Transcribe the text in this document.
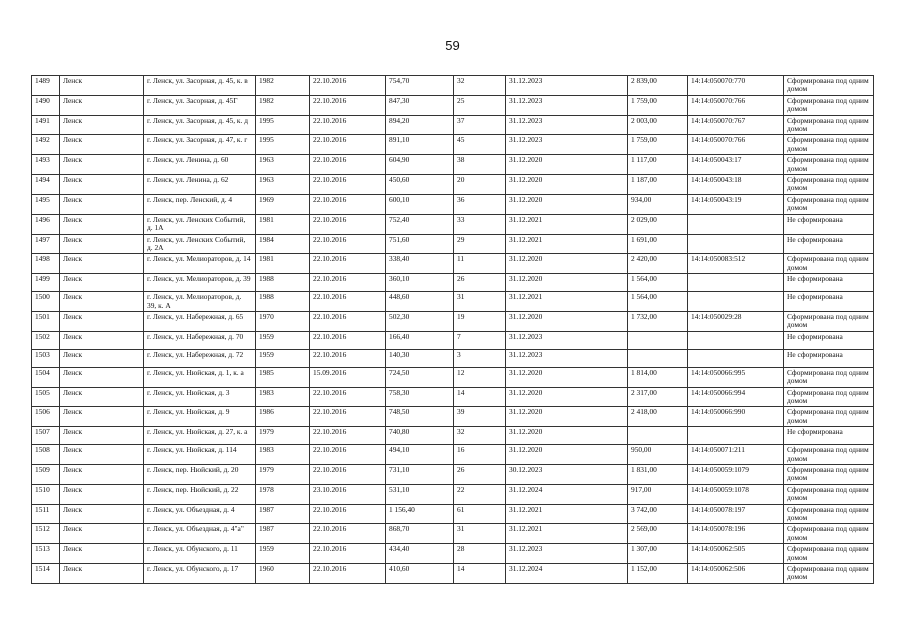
59
1489	Ленск	г. Ленск, ул. Засорная, д. 45, к. в	1982	22.10.2016	754,70	32	31.12.2023	2 839,00	14:14:050070:770	Сформирована под одним домом
1490	Ленск	г. Ленск, ул. Засорная, д. 45Г	1982	22.10.2016	847,30	25	31.12.2023	1 759,00	14:14:050070:766	Сформирована под одним домом
1491	Ленск	г. Ленск, ул. Засорная, д. 45, к. д	1995	22.10.2016	894,20	37	31.12.2023	2 003,00	14:14:050070:767	Сформирована под одним домом
1492	Ленск	г. Ленск, ул. Засорная, д. 47, к. г	1995	22.10.2016	891,10	45	31.12.2023	1 759,00	14:14:050070:766	Сформирована под одним домом
1493	Ленск	г. Ленск, ул. Ленина, д. 60	1963	22.10.2016	604,90	38	31.12.2020	1 117,00	14:14:050043:17	Сформирована под одним домом
1494	Ленск	г. Ленск, ул. Ленина, д. 62	1963	22.10.2016	450,60	20	31.12.2020	1 187,00	14:14:050043:18	Сформирована под одним домом
1495	Ленск	г. Ленск, пер. Ленский, д. 4	1969	22.10.2016	600,10	36	31.12.2020	934,00	14:14:050043:19	Сформирована под одним домом
1496	Ленск	г. Ленск, ул. Ленских Событий, д. 1А	1981	22.10.2016	752,40	33	31.12.2021	2 029,00		Не сформирована
1497	Ленск	г. Ленск, ул. Ленских Событий, д. 2А	1984	22.10.2016	751,60	29	31.12.2021	1 691,00		Не сформирована
1498	Ленск	г. Ленск, ул. Мелиораторов, д. 14	1981	22.10.2016	338,40	11	31.12.2020	2 420,00	14:14:050083:512	Сформирована под одним домом
1499	Ленск	г. Ленск, ул. Мелиораторов, д. 39	1988	22.10.2016	360,10	26	31.12.2020	1 564,00		Не сформирована
1500	Ленск	г. Ленск, ул. Мелиораторов, д. 39, к. А	1988	22.10.2016	448,60	31	31.12.2021	1 564,00		Не сформирована
1501	Ленск	г. Ленск, ул. Набережная, д. 65	1970	22.10.2016	502,30	19	31.12.2020	1 732,00	14:14:050029:28	Сформирована под одним домом
1502	Ленск	г. Ленск, ул. Набережная, д. 70	1959	22.10.2016	166,40	7	31.12.2023			Не сформирована
1503	Ленск	г. Ленск, ул. Набережная, д. 72	1959	22.10.2016	140,30	3	31.12.2023			Не сформирована
1504	Ленск	г. Ленск, ул. Нюйская, д. 1, к. а	1985	15.09.2016	724,50	12	31.12.2020	1 814,00	14:14:050066:995	Сформирована под одним домом
1505	Ленск	г. Ленск, ул. Нюйская, д. 3	1983	22.10.2016	758,30	14	31.12.2020	2 317,00	14:14:050066:994	Сформирована под одним домом
1506	Ленск	г. Ленск, ул. Нюйская, д. 9	1986	22.10.2016	748,50	39	31.12.2020	2 418,00	14:14:050066:990	Сформирована под одним домом
1507	Ленск	г. Ленск, ул. Нюйская, д. 27, к. а	1979	22.10.2016	740,80	32	31.12.2020			Не сформирована
1508	Ленск	г. Ленск, ул. Нюйская, д. 114	1983	22.10.2016	494,10	16	31.12.2020	950,00	14:14:050071:211	Сформирована под одним домом
1509	Ленск	г. Ленск, пер. Нюйский, д. 20	1979	22.10.2016	731,10	26	30.12.2023	1 831,00	14:14:050059:1079	Сформирована под одним домом
1510	Ленск	г. Ленск, пер. Нюйский, д. 22	1978	23.10.2016	531,10	22	31.12.2024	917,00	14:14:050059:1078	Сформирована под одним домом
1511	Ленск	г. Ленск, ул. Объездная, д. 4	1987	22.10.2016	1 156,40	61	31.12.2021	3 742,00	14:14:050078:197	Сформирована под одним домом
1512	Ленск	г. Ленск, ул. Объездная, д. 4"а"	1987	22.10.2016	868,70	31	31.12.2021	2 569,00	14:14:050078:196	Сформирована под одним домом
1513	Ленск	г. Ленск, ул. Обунского, д. 11	1959	22.10.2016	434,40	28	31.12.2023	1 307,00	14:14:050062:505	Сформирована под одним домом
1514	Ленск	г. Ленск, ул. Обунского, д. 17	1960	22.10.2016	410,60	14	31.12.2024	1 152,00	14:14:050062:506	Сформирована под одним домом
